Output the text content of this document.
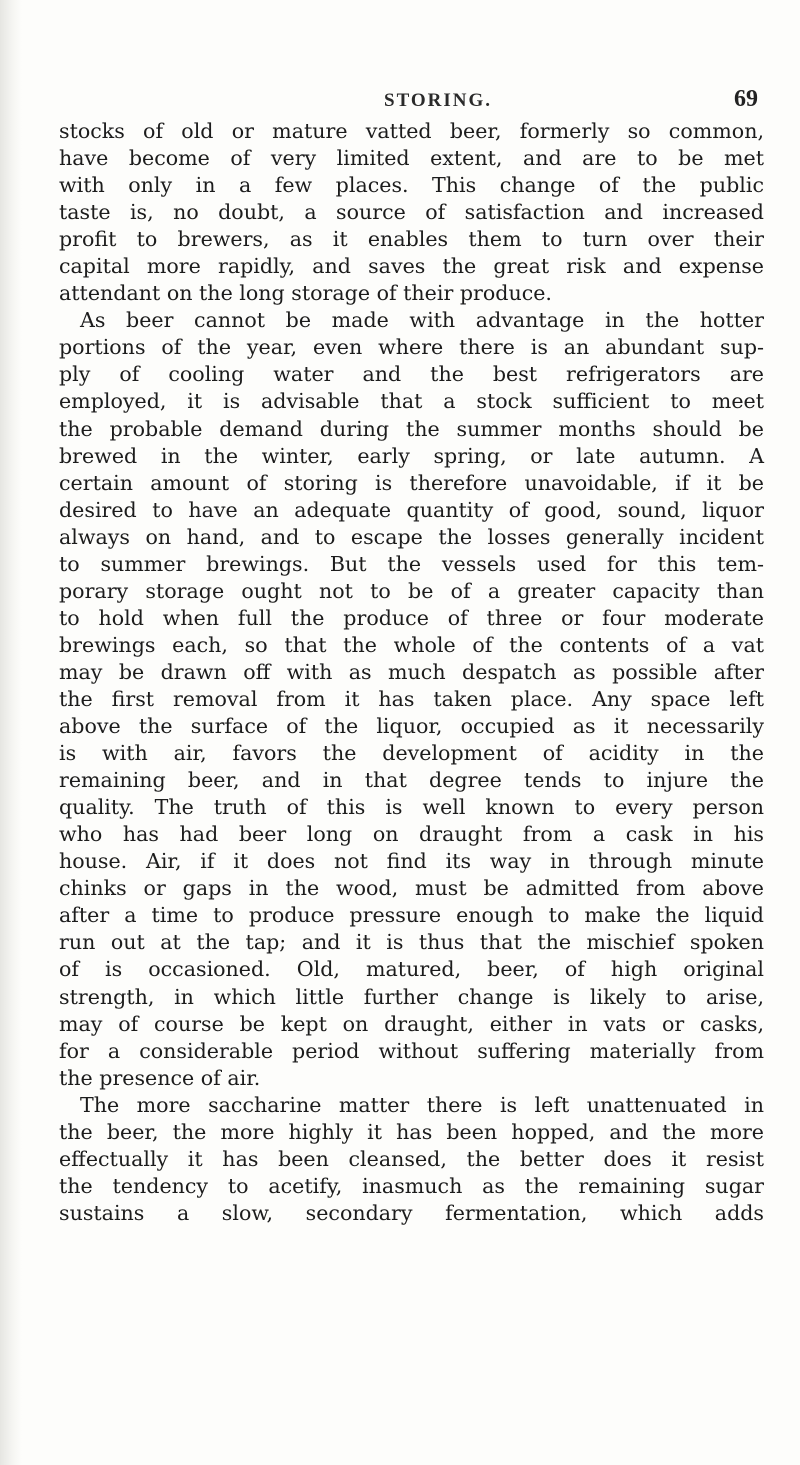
STORING.	69
stocks of old or mature vatted beer, formerly so common,
have become of very limited extent, and are to be met
with only in a few places. This change of the public
taste is, no doubt, a source of satisfaction and increased
profit to brewers, as it enables them to turn over their
capital more rapidly, and saves the great risk and expense
attendant on the long storage of their produce.
As beer cannot be made with advantage in the hotter
portions of the year, even where there is an abundant sup-
ply of cooling water and the best refrigerators are
employed, it is advisable that a stock sufficient to meet
the probable demand during the summer months should be
brewed in the winter, early spring, or late autumn. A
certain amount of storing is therefore unavoidable, if it be
desired to have an adequate quantity of good, sound, liquor
always on hand, and to escape the losses generally incident
to summer brewings. But the vessels used for this tem-
porary storage ought not to be of a greater capacity than
to hold when full the produce of three or four moderate
brewings each, so that the whole of the contents of a vat
may be drawn off with as much despatch as possible after
the first removal from it has taken place. Any space left
above the surface of the liquor, occupied as it necessarily
is with air, favors the development of acidity in the
remaining beer, and in that degree tends to injure the
quality. The truth of this is well known to every person
who has had beer long on draught from a cask in his
house. Air, if it does not find its way in through minute
chinks or gaps in the wood, must be admitted from above
after a time to produce pressure enough to make the liquid
run out at the tap; and it is thus that the mischief spoken
of is occasioned. Old, matured, beer, of high original
strength, in which little further change is likely to arise,
may of course be kept on draught, either in vats or casks,
for a considerable period without suffering materially from
the presence of air.
The more saccharine matter there is left unattenuated in
the beer, the more highly it has been hopped, and the more
effectually it has been cleansed, the better does it resist
the tendency to acetify, inasmuch as the remaining sugar
sustains a slow, secondary fermentation, which adds
